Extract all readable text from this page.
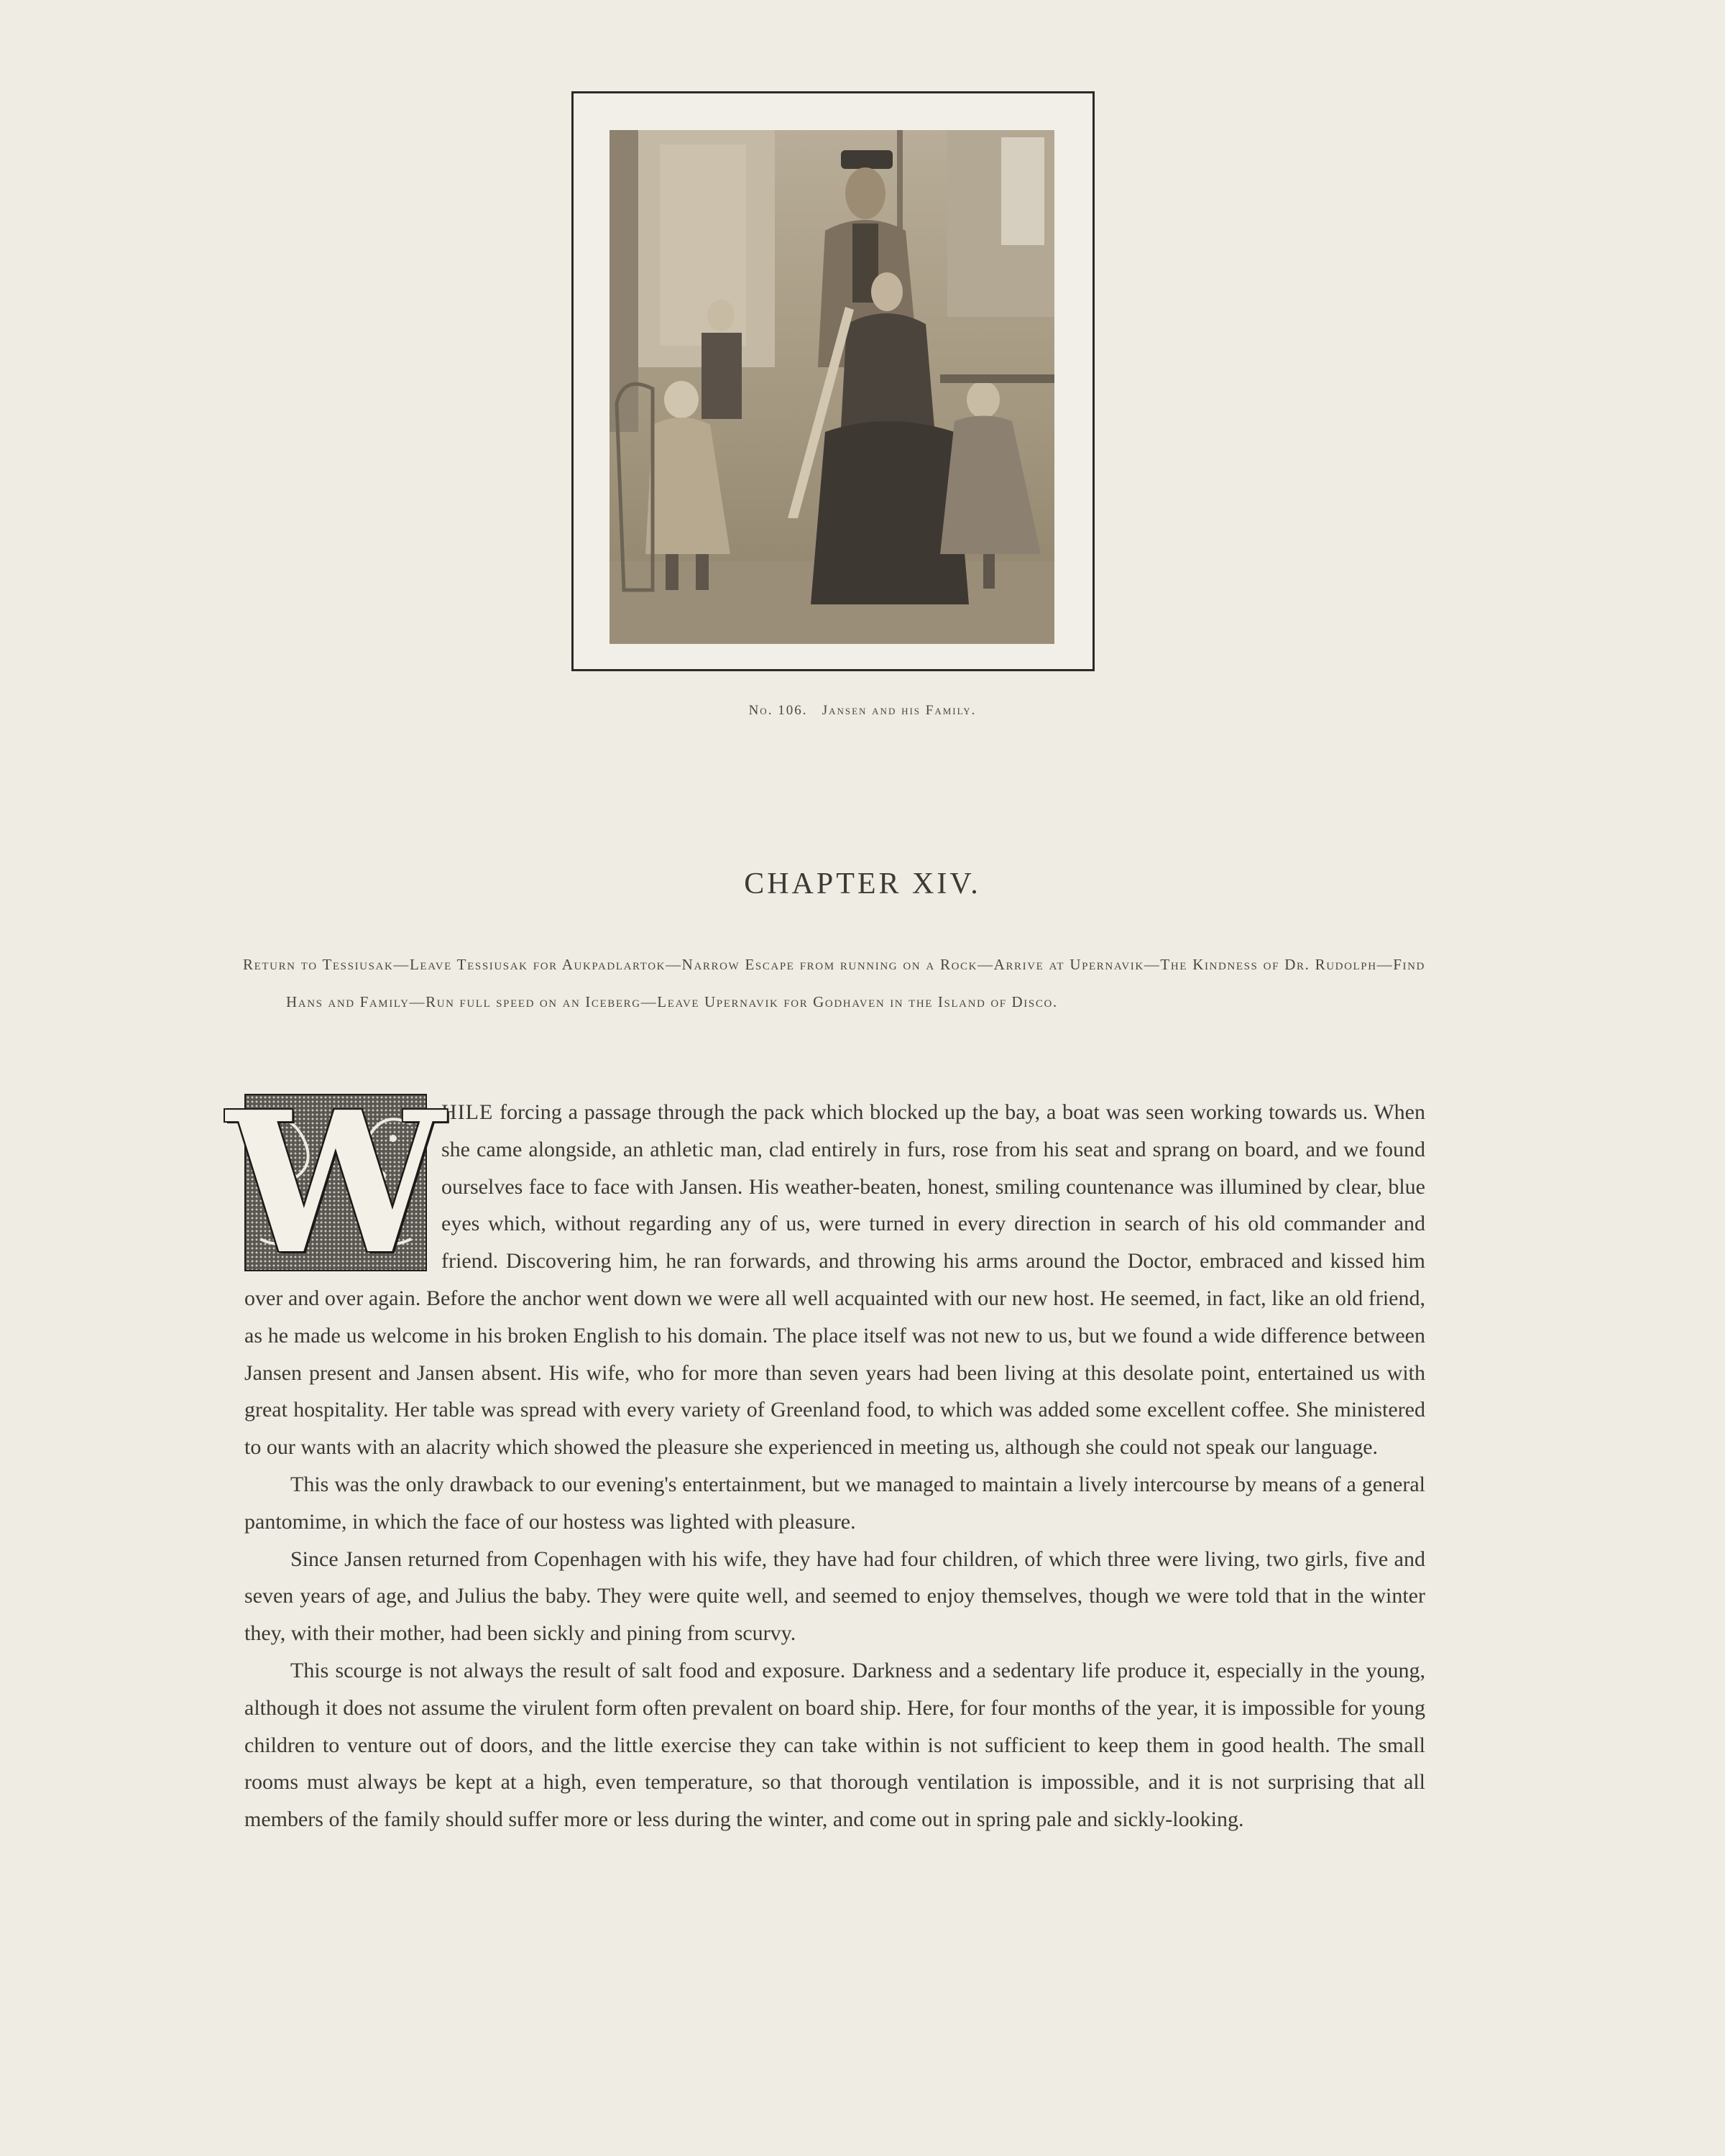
No. 106. Jansen and his Family.
CHAPTER XIV.

Return to Tessiusak—Leave Tessiusak for Aukpadlartok—Narrow Escape from running on a Rock—Arrive at Upernavik—The Kindness of Dr. Rudolph—Find Hans and Family—Run full speed on an Iceberg—Leave Upernavik for Godhaven in the Island of Disco.

W
HILE forcing a passage through the pack which blocked up the bay, a boat was seen working towards us. When she came alongside, an athletic man, clad entirely in furs, rose from his seat and sprang on board, and we found ourselves face to face with Jansen. His weather-beaten, honest, smiling countenance was illumined by clear, blue eyes which, without regarding any of us, were turned in every direction in search of his old commander and friend. Discovering him, he ran forwards, and throwing his arms around the Doctor, embraced and kissed him over and over again. Before the anchor went down we were all well acquainted with our new host. He seemed, in fact, like an old friend, as he made us welcome in his broken English to his domain. The place itself was not new to us, but we found a wide difference between Jansen present and Jansen absent. His wife, who for more than seven years had been living at this desolate point, entertained us with great hospitality. Her table was spread with every variety of Greenland food, to which was added some excellent coffee. She ministered to our wants with an alacrity which showed the pleasure she experienced in meeting us, although she could not speak our language.

This was the only drawback to our evening's entertainment, but we managed to maintain a lively intercourse by means of a general pantomime, in which the face of our hostess was lighted with pleasure.

Since Jansen returned from Copenhagen with his wife, they have had four children, of which three were living, two girls, five and seven years of age, and Julius the baby. They were quite well, and seemed to enjoy themselves, though we were told that in the winter they, with their mother, had been sickly and pining from scurvy.

This scourge is not always the result of salt food and exposure. Darkness and a sedentary life produce it, especially in the young, although it does not assume the virulent form often prevalent on board ship. Here, for four months of the year, it is impossible for young children to venture out of doors, and the little exercise they can take within is not sufficient to keep them in good health. The small rooms must always be kept at a high, even temperature, so that thorough ventilation is impossible, and it is not surprising that all members of the family should suffer more or less during the winter, and come out in spring pale and sickly-looking.
